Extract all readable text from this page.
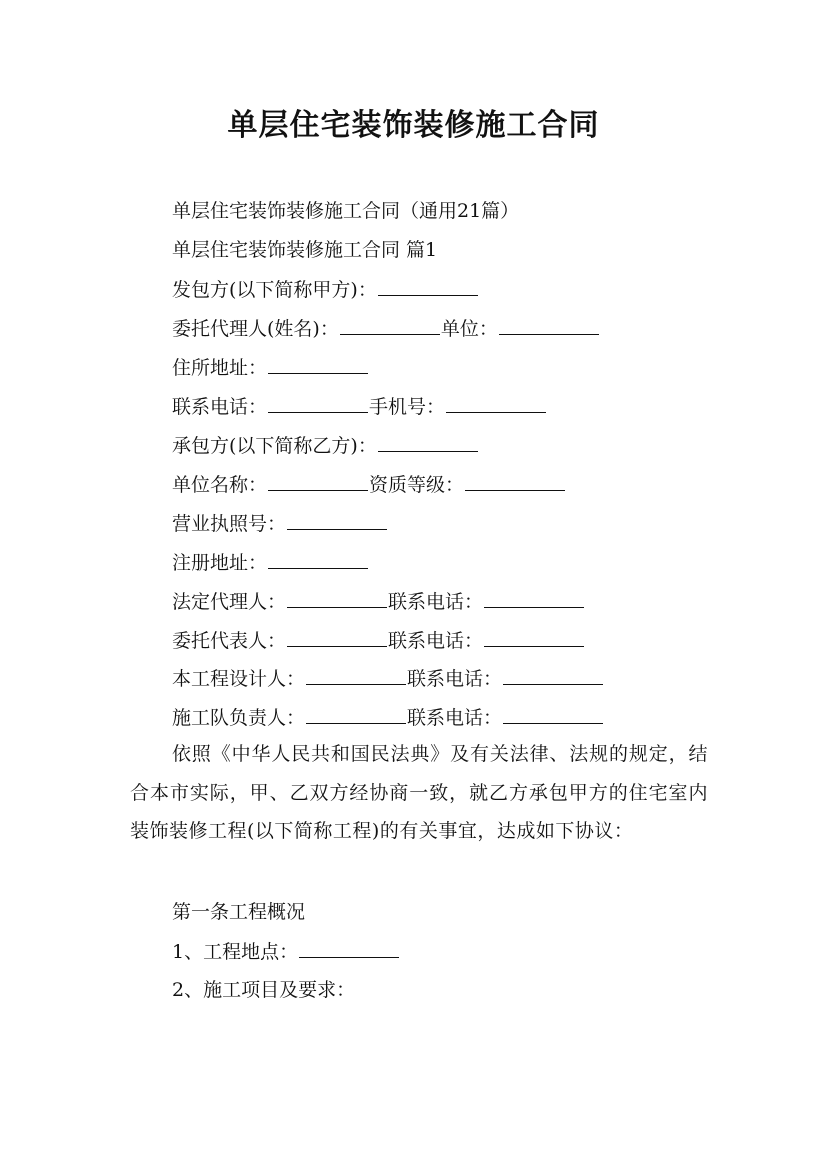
单层住宅装饰装修施工合同
单层住宅装饰装修施工合同（通用21篇）
单层住宅装饰装修施工合同 篇1
发包方(以下简称甲方)：
委托代理人(姓名)：	单位：
住所地址：
联系电话：	手机号：
承包方(以下简称乙方)：
单位名称：	资质等级：
营业执照号：
注册地址：
法定代理人：	联系电话：
委托代表人：	联系电话：
本工程设计人：	联系电话：
施工队负责人：	联系电话：
依照《中华人民共和国民法典》及有关法律、法规的规定，结合本市实际，甲、乙双方经协商一致，就乙方承包甲方的住宅室内装饰装修工程(以下简称工程)的有关事宜，达成如下协议：
第一条工程概况
1、工程地点：
2、施工项目及要求：
